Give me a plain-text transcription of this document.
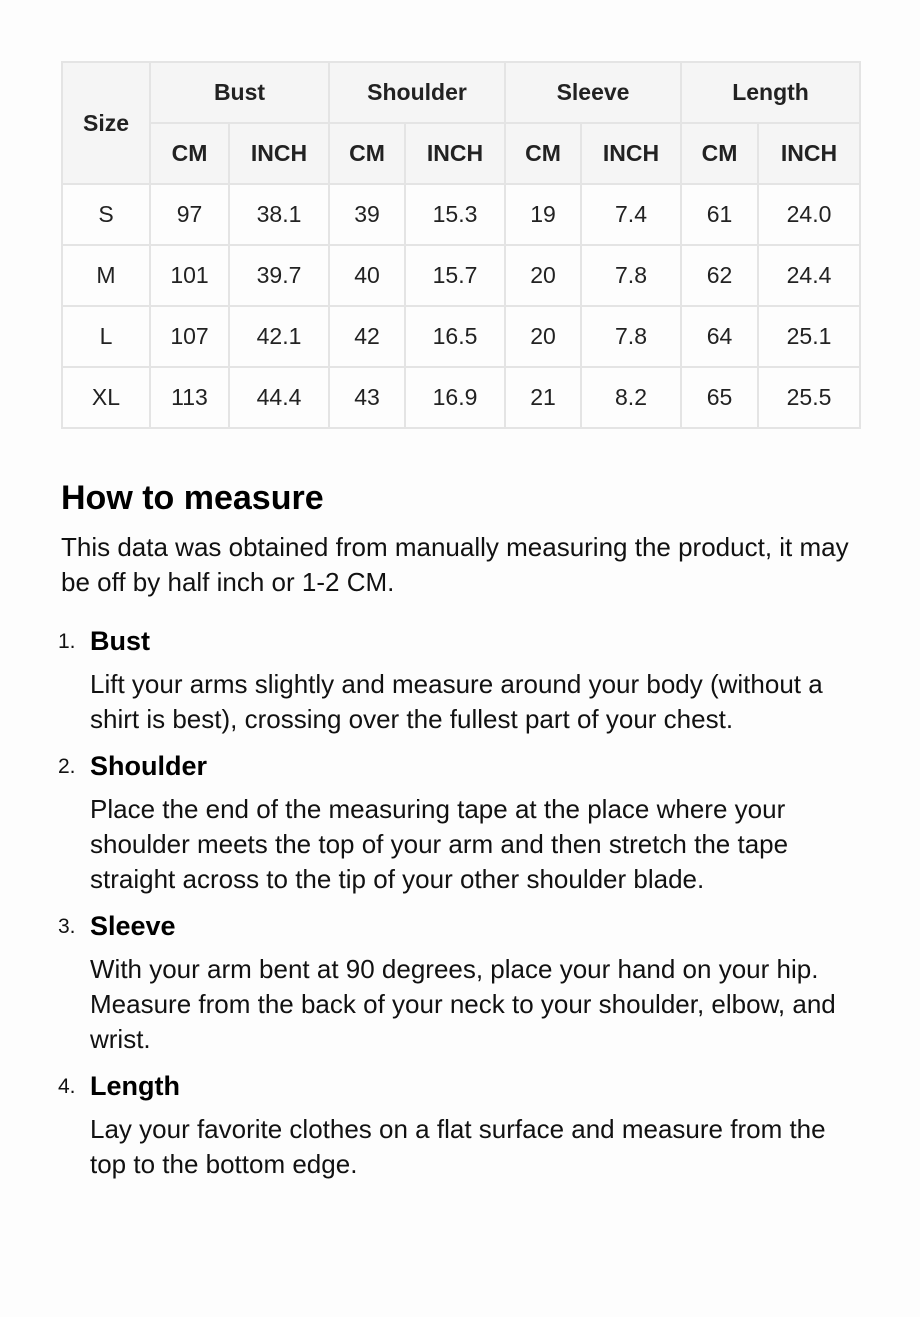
Size	Bust		Shoulder		Sleeve		Length	
	CM	INCH	CM	INCH	CM	INCH	CM	INCH
S	97	38.1	39	15.3	19	7.4	61	24.0
M	101	39.7	40	15.7	20	7.8	62	24.4
L	107	42.1	42	16.5	20	7.8	64	25.1
XL	113	44.4	43	16.9	21	8.2	65	25.5
How to measure

This data was obtained from manually measuring the product, it may be off by half inch or 1-2 CM.

1. Bust
Lift your arms slightly and measure around your body (without a shirt is best), crossing over the fullest part of your chest.
2. Shoulder
Place the end of the measuring tape at the place where your shoulder meets the top of your arm and then stretch the tape straight across to the tip of your other shoulder blade.
3. Sleeve
With your arm bent at 90 degrees, place your hand on your hip. Measure from the back of your neck to your shoulder, elbow, and wrist.
4. Length
Lay your favorite clothes on a flat surface and measure from the top to the bottom edge.
